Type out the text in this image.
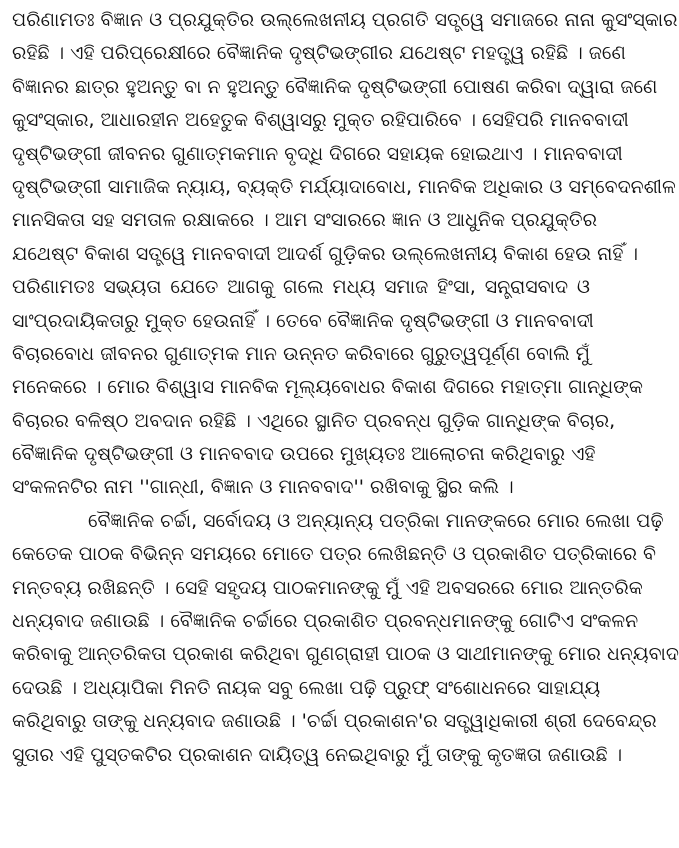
ପରିଣାମତଃ ବିଜ୍ଞାନ ଓ ପ୍ରଯୁକ୍ତିର ଉଲ୍ଲେଖନୀୟ ପ୍ରଗତି ସତ୍ତ୍ୱେ ସମାଜରେ ନାନା କୁସଂସ୍କାର
ରହିଛି । ଏହି ପରିପ୍ରେକ୍ଷୀରେ ବୈଜ୍ଞାନିକ ଦୃଷ୍ଟିଭଙ୍ଗୀର ଯଥେଷ୍ଟ ମହତ୍ତ୍ୱ ରହିଛି । ଜଣେ
ବିଜ୍ଞାନର ଛାତ୍ର ହୁଅନ୍ତୁ ବା ନ ହୁଅନ୍ତୁ ବୈଜ୍ଞାନିକ ଦୃଷ୍ଟିଭଙ୍ଗୀ ପୋଷଣ କରିବା ଦ୍ୱାରା ଜଣେ
କୁସଂସ୍କାର, ଆଧାରହୀନ ଅହେତୁକ ବିଶ୍ୱାସରୁ ମୁକ୍ତ ରହିପାରିବେ । ସେହିପରି ମାନବବାଦୀ
ଦୃଷ୍ଟିଭଙ୍ଗୀ ଜୀବନର ଗୁଣାତ୍ମକମାନ ବୃଦ୍ଧି ଦିଗରେ ସହାୟକ ହୋଇଥାଏ । ମାନବବାଦୀ
ଦୃଷ୍ଟିଭଙ୍ଗୀ ସାମାଜିକ ନ୍ୟାୟ, ବ୍ୟକ୍ତି ମର୍ଯ୍ୟାଦାବୋଧ, ମାନବିକ ଅଧିକାର ଓ ସମ୍ବେଦନଶୀଳ
ମାନସିକତା ସହ ସମତାଳ ରକ୍ଷାକରେ । ଆମ ସଂସାରରେ ଜ୍ଞାନ ଓ ଆଧୁନିକ ପ୍ରଯୁକ୍ତିର
ଯଥେଷ୍ଟ ବିକାଶ ସତ୍ତ୍ୱେ ମାନବବାଦୀ ଆଦର୍ଶ ଗୁଡ଼ିକର ଉଲ୍ଲେଖନୀୟ ବିକାଶ ହେଉ ନାହିଁ ।
ପରିଣାମତଃ ସଭ୍ୟତା ଯେତେ ଆଗକୁ ଗଲେ ମଧ୍ୟ ସମାଜ ହିଂସା, ସନ୍ତ୍ରାସବାଦ ଓ
ସାଂପ୍ରଦାୟିକତାରୁ ମୁକ୍ତ ହେଉନାହିଁ । ତେବେ ବୈଜ୍ଞାନିକ ଦୃଷ୍ଟିଭଙ୍ଗୀ ଓ ମାନବବାଦୀ
ବିଚାରବୋଧ ଜୀବନର ଗୁଣାତ୍ମକ ମାନ ଉନ୍ନତ କରିବାରେ ଗୁରୁତ୍ୱପୂର୍ଣ୍ଣ ବୋଲି ମୁଁ
ମନେକରେ । ମୋର ବିଶ୍ୱାସ ମାନବିକ ମୂଲ୍ୟବୋଧର ବିକାଶ ଦିଗରେ ମହାତ୍ମା ଗାନ୍ଧିଙ୍କ
ବିଚାରର ବଳିଷ୍ଠ ଅବଦାନ ରହିଛି । ଏଥିରେ ସ୍ଥାନିତ ପ୍ରବନ୍ଧ ଗୁଡ଼ିକ ଗାନ୍ଧିଙ୍କ ବିଚାର,
ବୈଜ୍ଞାନିକ ଦୃଷ୍ଟିଭଙ୍ଗୀ ଓ ମାନବବାଦ ଉପରେ ମୁଖ୍ୟତଃ ଆଲୋଚନା କରିଥିବାରୁ ଏହି
ସଂକଳନଟିର ନାମ ''ଗାନ୍ଧୀ, ବିଜ୍ଞାନ ଓ ମାନବବାଦ'' ରଖିବାକୁ ସ୍ଥିର କଲି ।
ବୈଜ୍ଞାନିକ ଚର୍ଚ୍ଚା, ସର୍ବୋଦୟ ଓ ଅନ୍ୟାନ୍ୟ ପତ୍ରିକା ମାନଙ୍କରେ ମୋର ଲେଖା ପଢ଼ି
କେତେକ ପାଠକ ବିଭିନ୍ନ ସମୟରେ ମୋତେ ପତ୍ର ଲେଖିଛନ୍ତି ଓ ପ୍ରକାଶିତ ପତ୍ରିକାରେ ବି
ମନ୍ତବ୍ୟ ରଖିଛନ୍ତି । ସେହି ସହୃଦୟ ପାଠକମାନଙ୍କୁ ମୁଁ ଏହି ଅବସରରେ ମୋର ଆନ୍ତରିକ
ଧନ୍ୟବାଦ ଜଣାଉଛି । ବୈଜ୍ଞାନିକ ଚର୍ଚ୍ଚାରେ ପ୍ରକାଶିତ ପ୍ରବନ୍ଧମାନଙ୍କୁ ଗୋଟିଏ ସଂକଳନ
କରିବାକୁ ଆନ୍ତରିକତା ପ୍ରକାଶ କରିଥିବା ଗୁଣଗ୍ରାହୀ ପାଠକ ଓ ସାଥୀମାନଙ୍କୁ ମୋର ଧନ୍ୟବାଦ
ଦେଉଛି । ଅଧ୍ୟାପିକା ମିନତି ନାୟକ ସବୁ ଲେଖା ପଢ଼ି ପ୍ରୁଫ୍ ସଂଶୋଧନରେ ସାହାଯ୍ୟ
କରିଥିବାରୁ ତାଙ୍କୁ ଧନ୍ୟବାଦ ଜଣାଉଛି । 'ଚର୍ଚ୍ଚା ପ୍ରକାଶନ'ର ସତ୍ତ୍ୱାଧିକାରୀ ଶ୍ରୀ ଦେବେନ୍ଦ୍ର
ସୁତାର ଏହି ପୁସ୍ତକଟିର ପ୍ରକାଶନ ଦାୟିତ୍ୱ ନେଇଥିବାରୁ ମୁଁ ତାଙ୍କୁ କୃତଜ୍ଞତା ଜଣାଉଛି ।
